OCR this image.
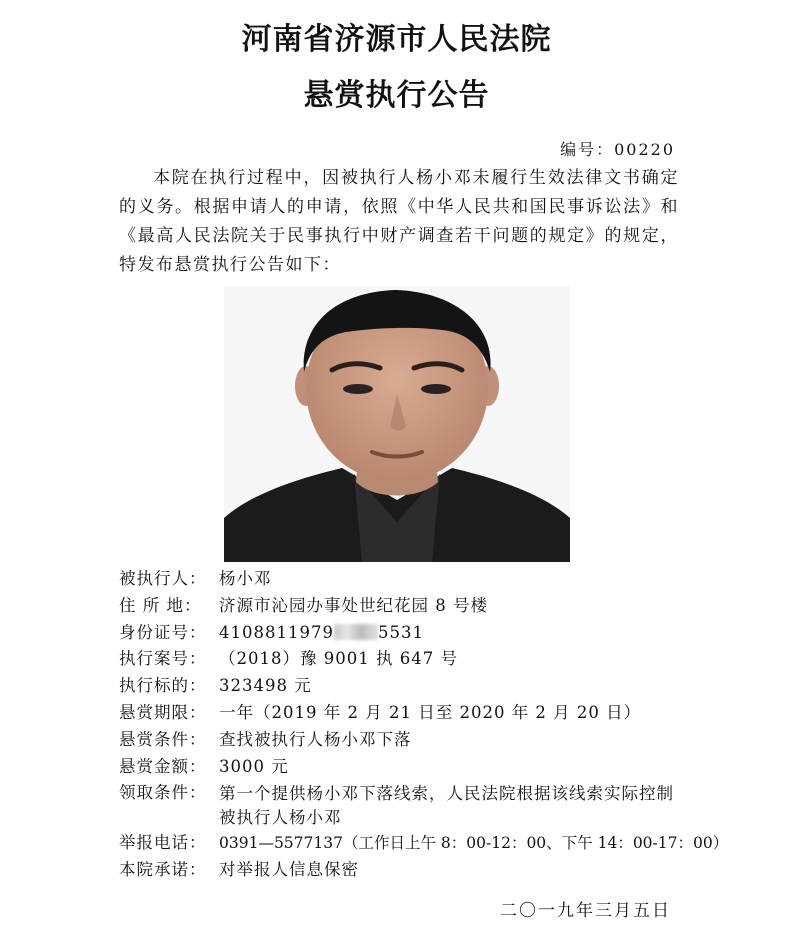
河南省济源市人民法院
悬赏执行公告
编号：00220
本院在执行过程中，因被执行人杨小邓未履行生效法律文书确定的义务。根据申请人的申请，依照《中华人民共和国民事诉讼法》和《最高人民法院关于民事执行中财产调查若干问题的规定》的规定，特发布悬赏执行公告如下：
被执行人： 杨小邓
住 所 地：	济源市沁园办事处世纪花园 8 号楼
身份证号： 4108811979	5531
执行案号： （2018）豫 9001 执 647 号
执行标的： 323498 元
悬赏期限： 一年（2019 年 2 月 21 日至 2020 年 2 月 20 日）
悬赏条件： 查找被执行人杨小邓下落
悬赏金额： 3000 元
领取条件： 第一个提供杨小邓下落线索，人民法院根据该线索实际控制被执行人杨小邓
举报电话： 0391—5577137（工作日上午 8：00-12：00、下午 14：00-17：00）
本院承诺： 对举报人信息保密
二〇一九年三月五日
